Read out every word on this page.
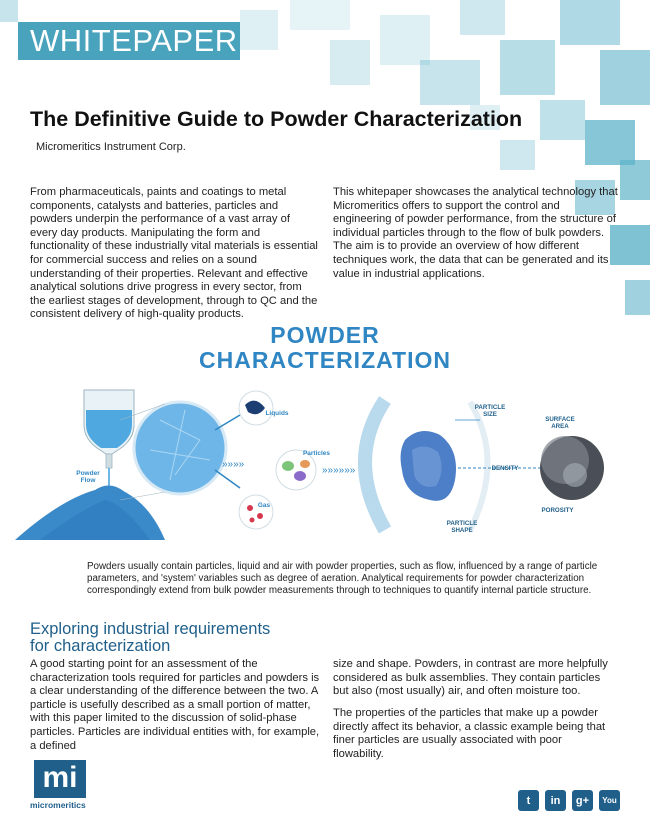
WHITEPAPER
The Definitive Guide to Powder Characterization
Micromeritics Instrument Corp.
From pharmaceuticals, paints and coatings to metal components, catalysts and batteries, particles and powders underpin the performance of a vast array of every day products. Manipulating the form and functionality of these industrially vital materials is essential for commercial success and relies on a sound understanding of their properties. Relevant and effective analytical solutions drive progress in every sector, from the earliest stages of development, through to QC and the consistent delivery of high-quality products.
This whitepaper showcases the analytical technology that Micromeritics offers to support the control and engineering of powder performance, from the structure of individual particles through to the flow of bulk powders. The aim is to provide an overview of how different techniques work, the data that can be generated and its value in industrial applications.
POWDER
CHARACTERIZATION
»»»»
»»»»»»
Powder
Flow
Liquids
Particles
Gas
PARTICLE
SIZE
DENSITY
PARTICLE
SHAPE
SURFACE
AREA
POROSITY
Powders usually contain particles, liquid and air with powder properties, such as flow, influenced by a range of particle parameters, and 'system' variables such as degree of aeration. Analytical requirements for powder characterization correspondingly extend from bulk powder measurements through to techniques to quantify internal particle structure.
Exploring industrial requirements
for characterization
A good starting point for an assessment of the characterization tools required for particles and powders is a clear understanding of the difference between the two. A particle is usefully described as a small portion of matter, with this paper limited to the discussion of solid-phase particles. Particles are individual entities with, for example, a defined
size and shape. Powders, in contrast are more helpfully considered as bulk assemblies. They contain particles but also (most usually) air, and often moisture too.
The properties of the particles that make up a powder directly affect its behavior, a classic example being that finer particles are usually associated with poor flowability.
mi
micromeritics	t	in	g+	You
